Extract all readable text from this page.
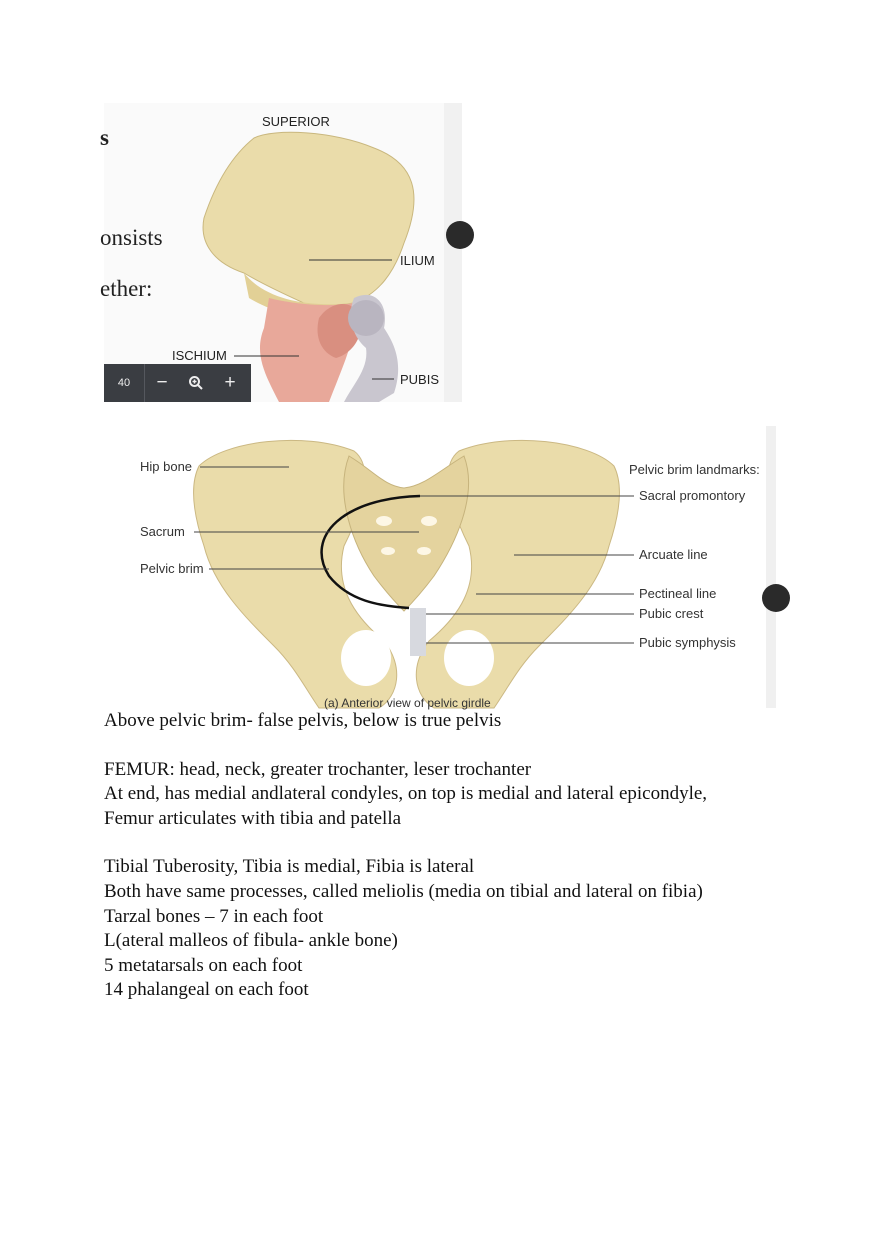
s
onsists
ether:
SUPERIOR
ILIUM
ISCHIUM
PUBIS
40	−	+
Hip bone
Sacrum
Pelvic brim
Pelvic brim landmarks:
Sacral promontory
Arcuate line
Pectineal line
Pubic crest
Pubic symphysis
(a) Anterior view of pelvic girdle

Above pelvic brim- false pelvis, below is true pelvis

FEMUR: head, neck, greater trochanter, leser trochanter

At end, has medial andlateral condyles, on top is medial and lateral epicondyle,

Femur articulates with tibia and patella

Tibial Tuberosity, Tibia is medial, Fibia is lateral

Both have same processes, called meliolis (media on tibial and lateral on fibia)

Tarzal bones – 7 in each foot

L(ateral malleos of fibula- ankle bone)

5 metatarsals on each foot

14 phalangeal on each foot
